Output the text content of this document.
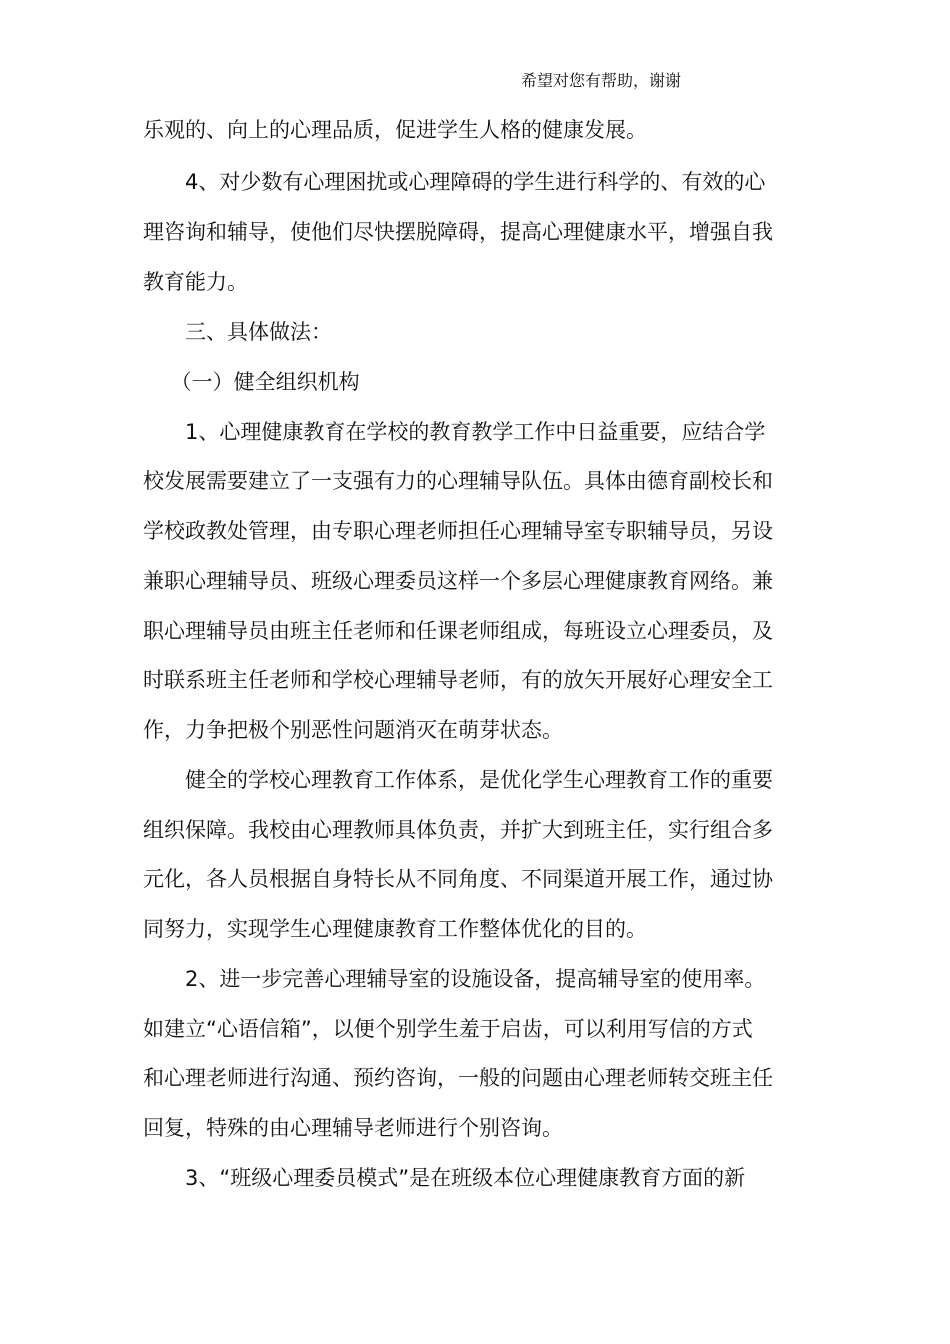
希望对您有帮助，谢谢
乐观的、向上的心理品质，促进学生人格的健康发展。
　　4、对少数有心理困扰或心理障碍的学生进行科学的、有效的心
理咨询和辅导，使他们尽快摆脱障碍，提高心理健康水平，增强自我
教育能力。
　　三、具体做法：
　 （一）健全组织机构
　　1、心理健康教育在学校的教育教学工作中日益重要，应结合学
校发展需要建立了一支强有力的心理辅导队伍。具体由德育副校长和
学校政教处管理，由专职心理老师担任心理辅导室专职辅导员，另设
兼职心理辅导员、班级心理委员这样一个多层心理健康教育网络。兼
职心理辅导员由班主任老师和任课老师组成，每班设立心理委员，及
时联系班主任老师和学校心理辅导老师，有的放矢开展好心理安全工
作，力争把极个别恶性问题消灭在萌芽状态。
　　健全的学校心理教育工作体系，是优化学生心理教育工作的重要
组织保障。我校由心理教师具体负责，并扩大到班主任，实行组合多
元化，各人员根据自身特长从不同角度、不同渠道开展工作，通过协
同努力，实现学生心理健康教育工作整体优化的目的。
　　2、进一步完善心理辅导室的设施设备，提高辅导室的使用率。
如建立“心语信箱”，以便个别学生羞于启齿，可以利用写信的方式
和心理老师进行沟通、预约咨询，一般的问题由心理老师转交班主任
回复，特殊的由心理辅导老师进行个别咨询。
　　3、“班级心理委员模式”是在班级本位心理健康教育方面的新
